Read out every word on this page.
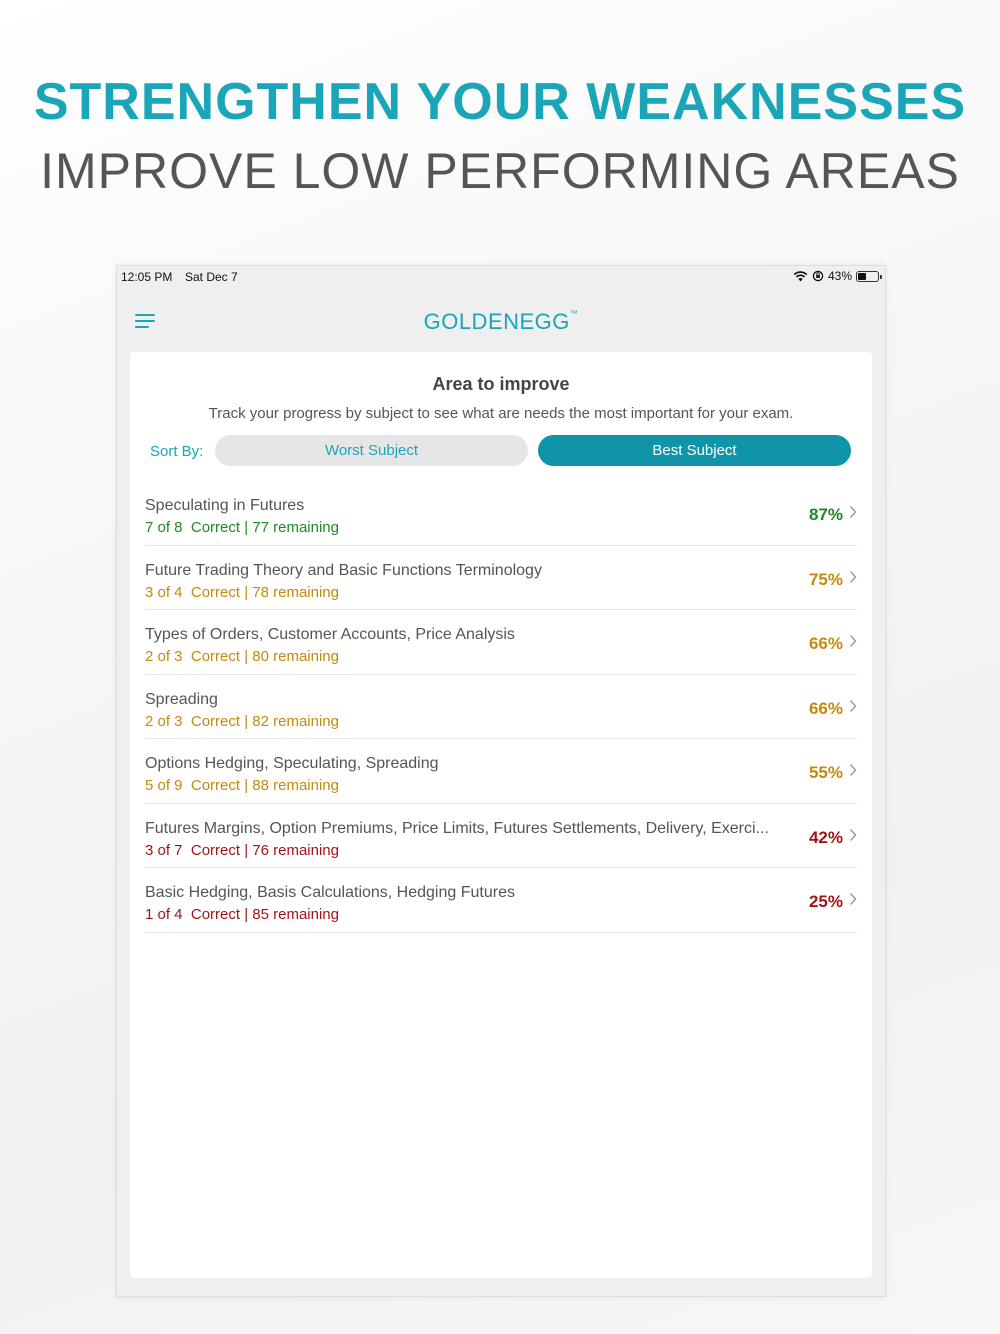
STRENGTHEN YOUR WEAKNESSES
IMPROVE LOW PERFORMING AREAS
12:05 PM Sat Dec 7	43%
GOLDENEGG™
Area to improve
Track your progress by subject to see what are needs the most important for your exam.
Sort By:	Worst Subject	Best Subject
Speculating in Futures
7 of 8  Correct | 77 remaining
87%
Future Trading Theory and Basic Functions Terminology
3 of 4  Correct | 78 remaining
75%
Types of Orders, Customer Accounts, Price Analysis
2 of 3  Correct | 80 remaining
66%
Spreading
2 of 3  Correct | 82 remaining
66%
Options Hedging, Speculating, Spreading
5 of 9  Correct | 88 remaining
55%
Futures Margins, Option Premiums, Price Limits, Futures Settlements, Delivery, Exerci...
3 of 7  Correct | 76 remaining
42%
Basic Hedging, Basis Calculations, Hedging Futures
1 of 4  Correct | 85 remaining
25%
